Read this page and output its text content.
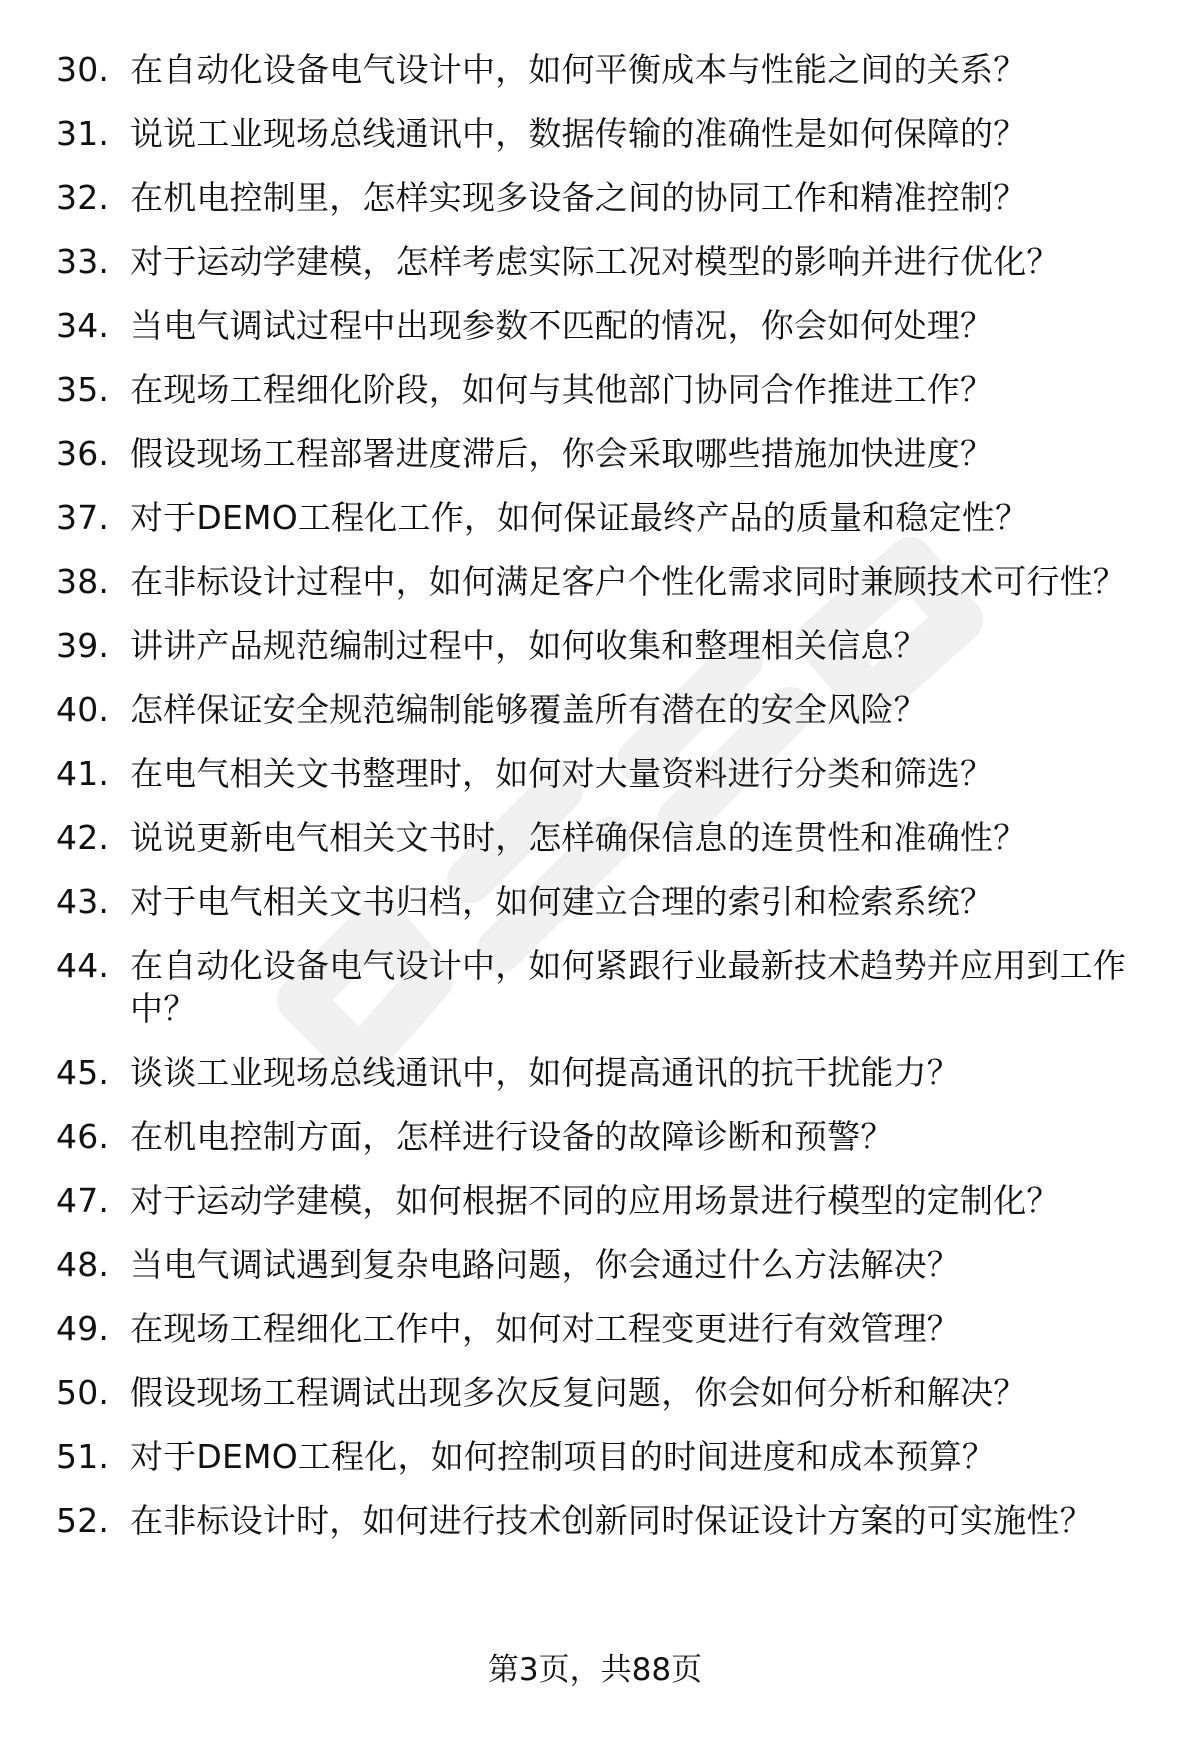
30. 在自动化设备电气设计中，如何平衡成本与性能之间的关系？
31. 说说工业现场总线通讯中，数据传输的准确性是如何保障的？
32. 在机电控制里，怎样实现多设备之间的协同工作和精准控制？
33. 对于运动学建模，怎样考虑实际工况对模型的影响并进行优化？
34. 当电气调试过程中出现参数不匹配的情况，你会如何处理？
35. 在现场工程细化阶段，如何与其他部门协同合作推进工作？
36. 假设现场工程部署进度滞后，你会采取哪些措施加快进度？
37. 对于DEMO工程化工作，如何保证最终产品的质量和稳定性？
38. 在非标设计过程中，如何满足客户个性化需求同时兼顾技术可行性？
39. 讲讲产品规范编制过程中，如何收集和整理相关信息？
40. 怎样保证安全规范编制能够覆盖所有潜在的安全风险？
41. 在电气相关文书整理时，如何对大量资料进行分类和筛选？
42. 说说更新电气相关文书时，怎样确保信息的连贯性和准确性？
43. 对于电气相关文书归档，如何建立合理的索引和检索系统？
44. 在自动化设备电气设计中，如何紧跟行业最新技术趋势并应用到工作中？
45. 谈谈工业现场总线通讯中，如何提高通讯的抗干扰能力？
46. 在机电控制方面，怎样进行设备的故障诊断和预警？
47. 对于运动学建模，如何根据不同的应用场景进行模型的定制化？
48. 当电气调试遇到复杂电路问题，你会通过什么方法解决？
49. 在现场工程细化工作中，如何对工程变更进行有效管理？
50. 假设现场工程调试出现多次反复问题，你会如何分析和解决？
51. 对于DEMO工程化，如何控制项目的时间进度和成本预算？
52. 在非标设计时，如何进行技术创新同时保证设计方案的可实施性？
第3页，共88页
